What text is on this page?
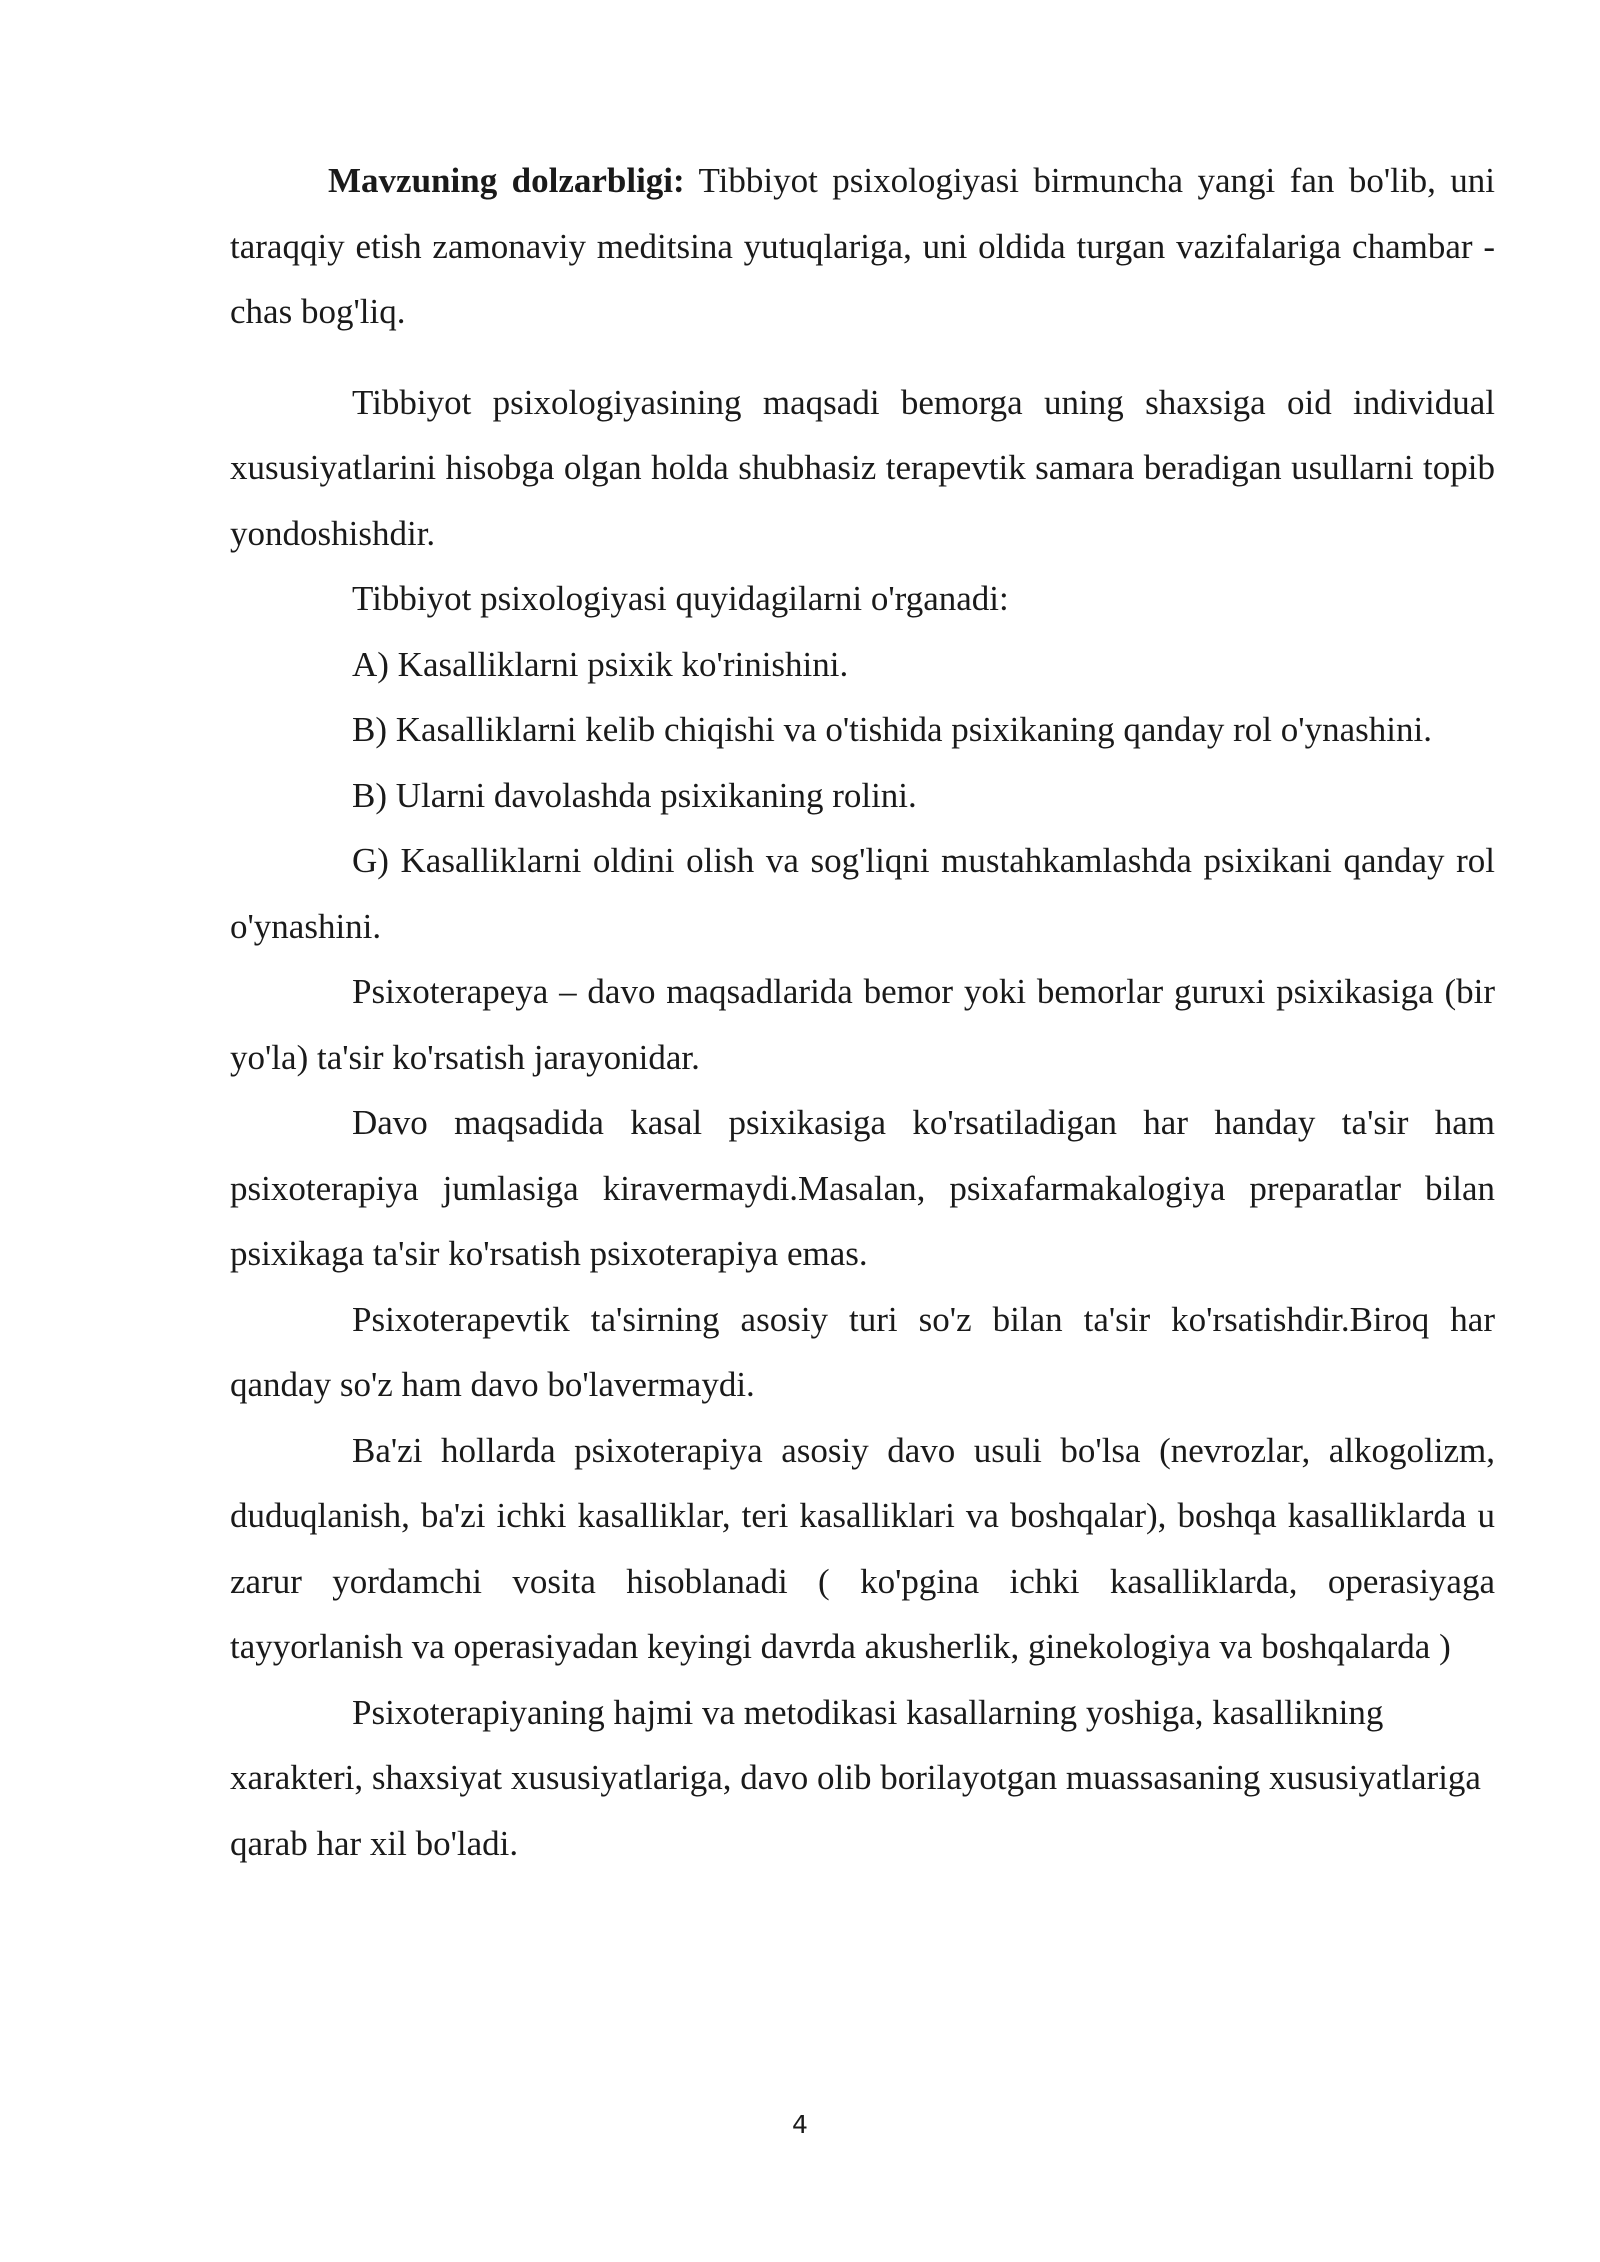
Mavzuning dolzarbligi: Tibbiyot psixologiyasi birmuncha yangi fan bo'lib, uni taraqqiy etish zamonaviy meditsina yutuqlariga, uni oldida turgan vazifalariga chambar - chas bog'liq.

Tibbiyot psixologiyasining maqsadi bemorga uning shaxsiga oid individual xususiyatlarini hisobga olgan holda shubhasiz terapevtik samara beradigan usullarni topib yondoshishdir.

Tibbiyot psixologiyasi quyidagilarni o'rganadi:

A) Kasalliklarni psixik ko'rinishini.

B) Kasalliklarni kelib chiqishi va o'tishida psixikaning qanday rol o'ynashini.

B) Ularni davolashda psixikaning rolini.

G) Kasalliklarni oldini olish va sog'liqni mustahkamlashda psixikani qanday rol o'ynashini.

Psixoterapeya – davo maqsadlarida bemor yoki bemorlar guruxi psixikasiga (bir yo'la) ta'sir ko'rsatish jarayonidar.

Davo maqsadida kasal psixikasiga ko'rsatiladigan har handay ta'sir ham psixoterapiya jumlasiga kiravermaydi.Masalan, psixafarmakalogiya preparatlar bilan psixikaga ta'sir ko'rsatish psixoterapiya emas.

Psixoterapevtik ta'sirning asosiy turi so'z bilan ta'sir ko'rsatishdir.Biroq har qanday so'z ham davo bo'lavermaydi.

Ba'zi hollarda psixoterapiya asosiy davo usuli bo'lsa (nevrozlar, alkogolizm, duduqlanish, ba'zi ichki kasalliklar, teri kasalliklari va boshqalar), boshqa kasalliklarda u zarur yordamchi vosita hisoblanadi ( ko'pgina ichki kasalliklarda, operasiyaga tayyorlanish va operasiyadan keyingi davrda akusherlik, ginekologiya va boshqalarda )

Psixoterapiyaning hajmi va metodikasi kasallarning yoshiga, kasallikning xarakteri, shaxsiyat xususiyatlariga, davo olib borilayotgan muassasaning xususiyatlariga qarab har xil bo'ladi.

4
